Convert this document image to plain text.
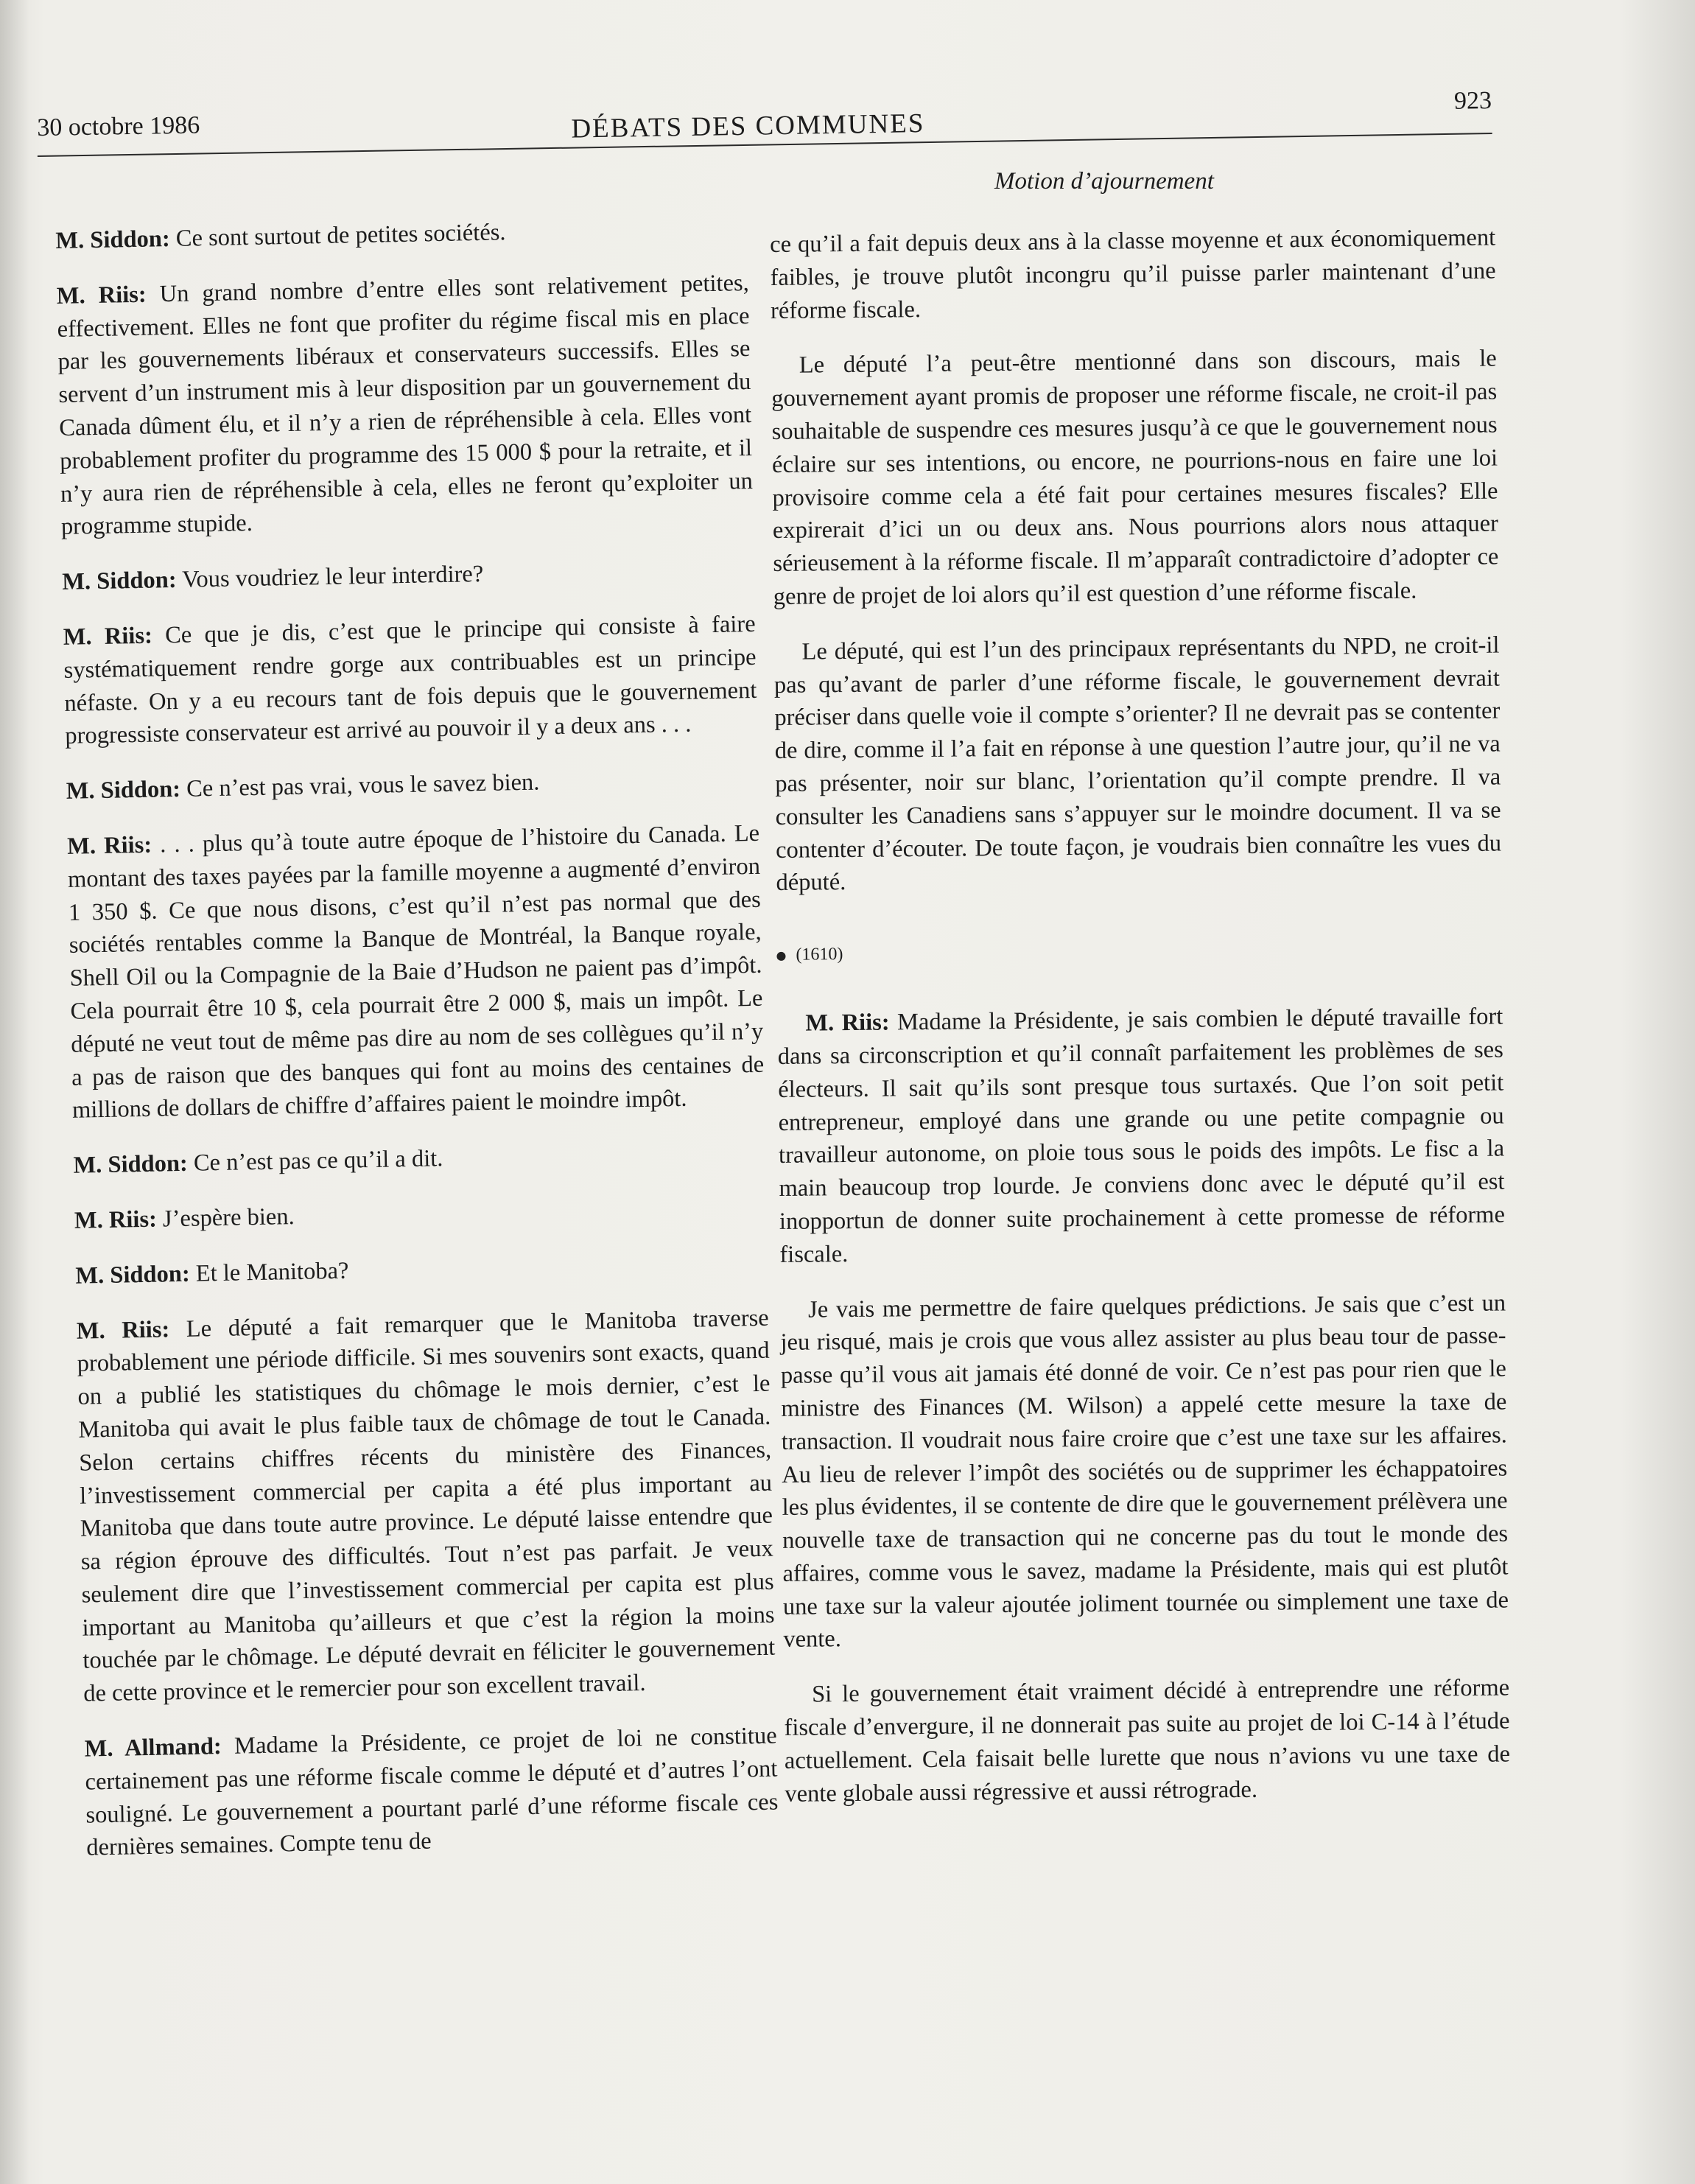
30 octobre 1986	DÉBATS DES COMMUNES
923
Motion d’ajournement

M. Siddon: Ce sont surtout de petites sociétés.

M. Riis: Un grand nombre d’entre elles sont relativement petites, effectivement. Elles ne font que profiter du régime fiscal mis en place par les gouvernements libéraux et conservateurs successifs. Elles se servent d’un instrument mis à leur disposition par un gouvernement du Canada dûment élu, et il n’y a rien de répréhensible à cela. Elles vont probablement profiter du programme des 15 000 $ pour la retraite, et il n’y aura rien de répréhensible à cela, elles ne feront qu’exploiter un programme stupide.

M. Siddon: Vous voudriez le leur interdire?

M. Riis: Ce que je dis, c’est que le principe qui consiste à faire systématiquement rendre gorge aux contribuables est un principe néfaste. On y a eu recours tant de fois depuis que le gouvernement progressiste conservateur est arrivé au pouvoir il y a deux ans . . .

M. Siddon: Ce n’est pas vrai, vous le savez bien.

M. Riis: . . . plus qu’à toute autre époque de l’histoire du Canada. Le montant des taxes payées par la famille moyenne a augmenté d’environ 1 350 $. Ce que nous disons, c’est qu’il n’est pas normal que des sociétés rentables comme la Banque de Montréal, la Banque royale, Shell Oil ou la Compagnie de la Baie d’Hudson ne paient pas d’impôt. Cela pourrait être 10 $, cela pourrait être 2 000 $, mais un impôt. Le député ne veut tout de même pas dire au nom de ses collègues qu’il n’y a pas de raison que des banques qui font au moins des centaines de millions de dollars de chiffre d’affaires paient le moindre impôt.

M. Siddon: Ce n’est pas ce qu’il a dit.

M. Riis: J’espère bien.

M. Siddon: Et le Manitoba?

M. Riis: Le député a fait remarquer que le Manitoba traverse probablement une période difficile. Si mes souvenirs sont exacts, quand on a publié les statistiques du chômage le mois dernier, c’est le Manitoba qui avait le plus faible taux de chômage de tout le Canada. Selon certains chiffres récents du ministère des Finances, l’investissement commercial per capita a été plus important au Manitoba que dans toute autre province. Le député laisse entendre que sa région éprouve des difficultés. Tout n’est pas parfait. Je veux seulement dire que l’investissement commercial per capita est plus important au Manitoba qu’ailleurs et que c’est la région la moins touchée par le chômage. Le député devrait en féliciter le gouvernement de cette province et le remercier pour son excellent travail.

M. Allmand: Madame la Présidente, ce projet de loi ne constitue certainement pas une réforme fiscale comme le député et d’autres l’ont souligné. Le gouvernement a pourtant parlé d’une réforme fiscale ces dernières semaines. Compte tenu de

ce qu’il a fait depuis deux ans à la classe moyenne et aux économiquement faibles, je trouve plutôt incongru qu’il puisse parler maintenant d’une réforme fiscale.

Le député l’a peut-être mentionné dans son discours, mais le gouvernement ayant promis de proposer une réforme fiscale, ne croit-il pas souhaitable de suspendre ces mesures jusqu’à ce que le gouvernement nous éclaire sur ses intentions, ou encore, ne pourrions-nous en faire une loi provisoire comme cela a été fait pour certaines mesures fiscales? Elle expirerait d’ici un ou deux ans. Nous pourrions alors nous attaquer sérieusement à la réforme fiscale. Il m’apparaît contradictoire d’adopter ce genre de projet de loi alors qu’il est question d’une réforme fiscale.

Le député, qui est l’un des principaux représentants du NPD, ne croit-il pas qu’avant de parler d’une réforme fiscale, le gouvernement devrait préciser dans quelle voie il compte s’orienter? Il ne devrait pas se contenter de dire, comme il l’a fait en réponse à une question l’autre jour, qu’il ne va pas présenter, noir sur blanc, l’orientation qu’il compte prendre. Il va consulter les Canadiens sans s’appuyer sur le moindre document. Il va se contenter d’écouter. De toute façon, je voudrais bien connaître les vues du député.

(1610)

M. Riis: Madame la Présidente, je sais combien le député travaille fort dans sa circonscription et qu’il connaît parfaitement les problèmes de ses électeurs. Il sait qu’ils sont presque tous surtaxés. Que l’on soit petit entrepreneur, employé dans une grande ou une petite compagnie ou travailleur autonome, on ploie tous sous le poids des impôts. Le fisc a la main beaucoup trop lourde. Je conviens donc avec le député qu’il est inopportun de donner suite prochainement à cette promesse de réforme fiscale.

Je vais me permettre de faire quelques prédictions. Je sais que c’est un jeu risqué, mais je crois que vous allez assister au plus beau tour de passe-passe qu’il vous ait jamais été donné de voir. Ce n’est pas pour rien que le ministre des Finances (M. Wilson) a appelé cette mesure la taxe de transaction. Il voudrait nous faire croire que c’est une taxe sur les affaires. Au lieu de relever l’impôt des sociétés ou de supprimer les échappatoires les plus évidentes, il se contente de dire que le gouvernement prélèvera une nouvelle taxe de transaction qui ne concerne pas du tout le monde des affaires, comme vous le savez, madame la Présidente, mais qui est plutôt une taxe sur la valeur ajoutée joliment tournée ou simplement une taxe de vente.

Si le gouvernement était vraiment décidé à entreprendre une réforme fiscale d’envergure, il ne donnerait pas suite au projet de loi C-14 à l’étude actuellement. Cela faisait belle lurette que nous n’avions vu une taxe de vente globale aussi régressive et aussi rétrograde.
